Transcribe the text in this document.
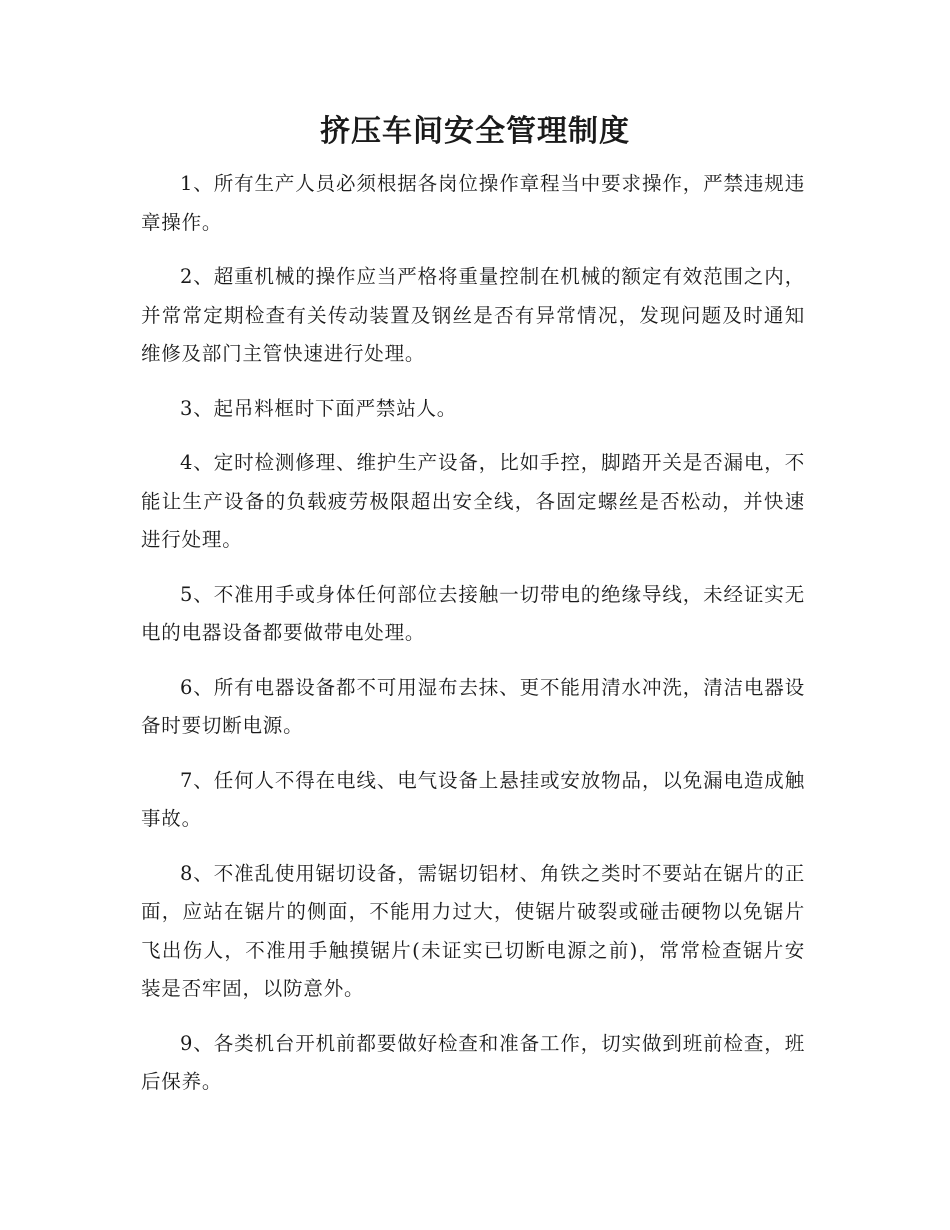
挤压车间安全管理制度

1、所有生产人员必须根据各岗位操作章程当中要求操作，严禁违规违章操作。

2、超重机械的操作应当严格将重量控制在机械的额定有效范围之内，并常常定期检查有关传动装置及钢丝是否有异常情况，发现问题及时通知维修及部门主管快速进行处理。

3、起吊料框时下面严禁站人。

4、定时检测修理、维护生产设备，比如手控，脚踏开关是否漏电，不能让生产设备的负载疲劳极限超出安全线，各固定螺丝是否松动，并快速进行处理。

5、不准用手或身体任何部位去接触一切带电的绝缘导线，未经证实无电的电器设备都要做带电处理。

6、所有电器设备都不可用湿布去抹、更不能用清水冲洗，清洁电器设备时要切断电源。

7、任何人不得在电线、电气设备上悬挂或安放物品，以免漏电造成触事故。

8、不准乱使用锯切设备，需锯切铝材、角铁之类时不要站在锯片的正面，应站在锯片的侧面，不能用力过大，使锯片破裂或碰击硬物以免锯片飞出伤人，不准用手触摸锯片(未证实已切断电源之前)，常常检查锯片安装是否牢固，以防意外。

9、各类机台开机前都要做好检查和准备工作，切实做到班前检查，班后保养。
